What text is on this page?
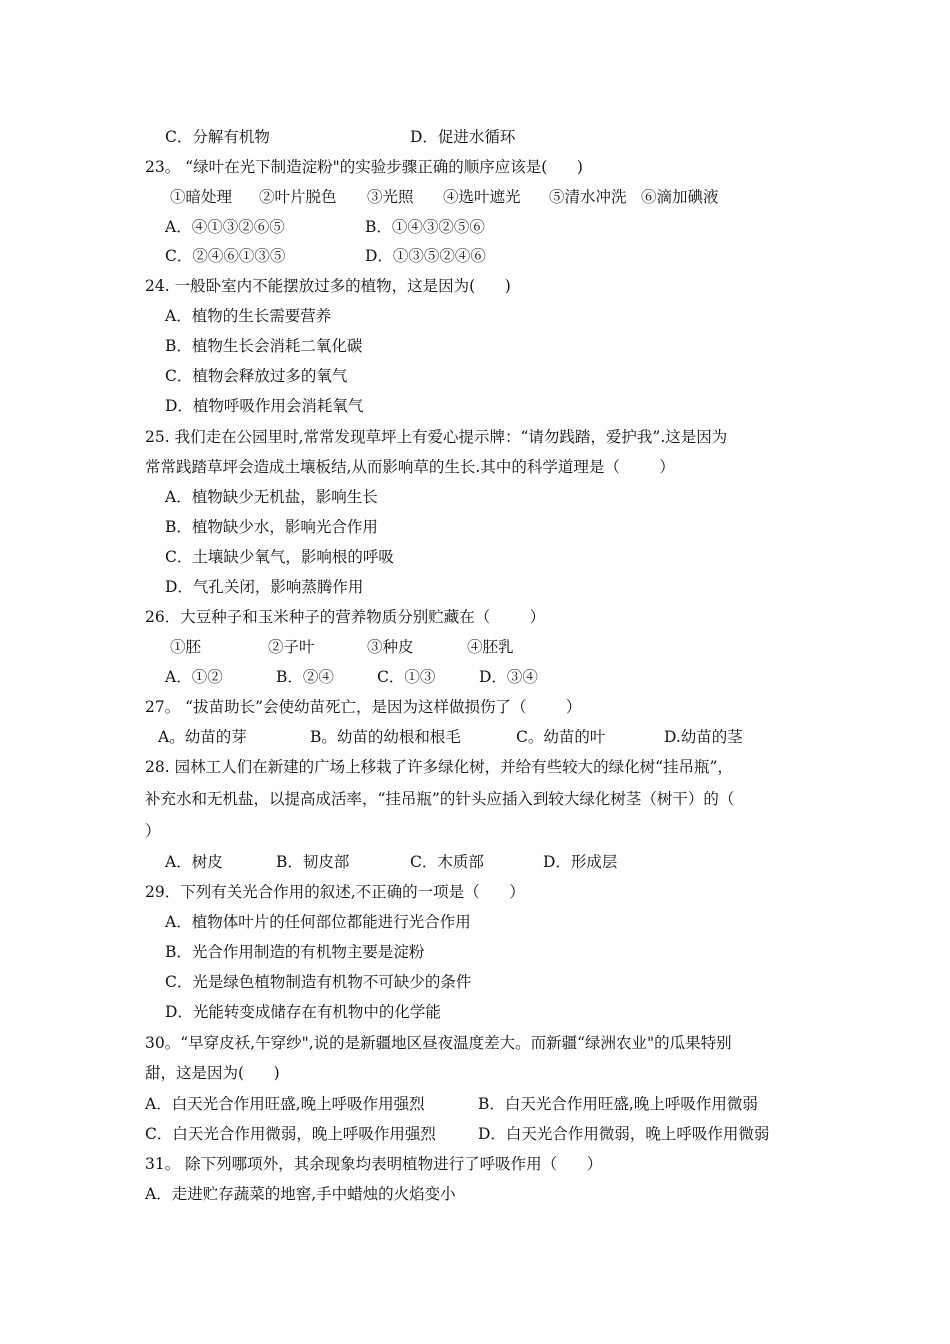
C．分解有机物	D．促进水循环
23。 “绿叶在光下制造淀粉"的实验步骤正确的顺序应该是(      )
①暗处理 ②叶片脱色 ③光照 ④选叶遮光 ⑤清水冲洗 ⑥滴加碘液
A．④①③②⑥⑤	B．①④③②⑤⑥
C．②④⑥①③⑤	D．①③⑤②④⑥
24. 一般卧室内不能摆放过多的植物，这是因为(      )
A．植物的生长需要营养
B．植物生长会消耗二氧化碳
C．植物会释放过多的氧气
D．植物呼吸作用会消耗氧气
25. 我们走在公园里时,常常发现草坪上有爱心提示牌：“请勿践踏，爱护我”.这是因为
常常践踏草坪会造成土壤板结,从而影响草的生长.其中的科学道理是（        ）
A．植物缺少无机盐，影响生长
B．植物缺少水，影响光合作用
C．土壤缺少氧气，影响根的呼吸
D．气孔关闭，影响蒸腾作用
26．大豆种子和玉米种子的营养物质分别贮藏在（        ）
①胚	②子叶	③种皮	④胚乳
A．①②	B．②④	C．①③	D．③④
27。 “拔苗助长”会使幼苗死亡，是因为这样做损伤了（        ）
A。幼苗的芽	B。幼苗的幼根和根毛	C。幼苗的叶	D.幼苗的茎
28. 园林工人们在新建的广场上移栽了许多绿化树，并给有些较大的绿化树“挂吊瓶”，
补充水和无机盐，以提高成活率，“挂吊瓶”的针头应插入到较大绿化树茎（树干）的（
）
A．树皮	B．韧皮部	C．木质部	D．形成层
29．下列有关光合作用的叙述,不正确的一项是（      ）
A．植物体叶片的任何部位都能进行光合作用
B．光合作用制造的有机物主要是淀粉
C．光是绿色植物制造有机物不可缺少的条件
D．光能转变成储存在有机物中的化学能
30。“早穿皮袄,午穿纱",说的是新疆地区昼夜温度差大。而新疆“绿洲农业"的瓜果特别
甜，这是因为(      )
A．白天光合作用旺盛,晚上呼吸作用强烈	B．白天光合作用旺盛,晚上呼吸作用微弱
C．白天光合作用微弱，晚上呼吸作用强烈	D．白天光合作用微弱，晚上呼吸作用微弱
31。 除下列哪项外，其余现象均表明植物进行了呼吸作用（      ）
A．走进贮存蔬菜的地窖,手中蜡烛的火焰变小
